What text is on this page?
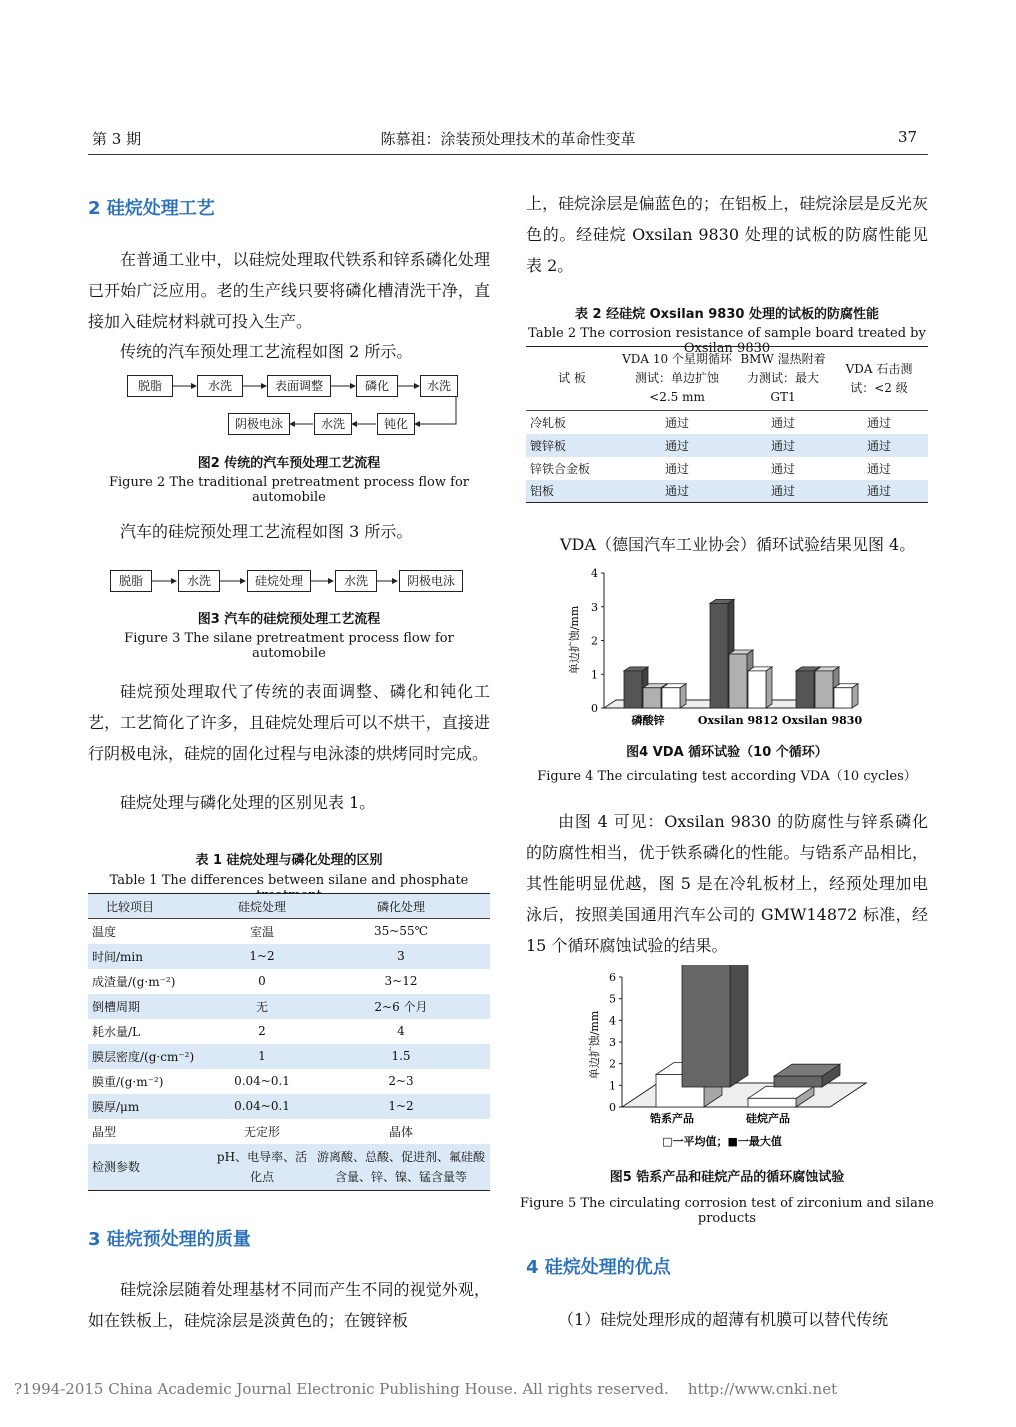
第 3 期	陈慕祖：涂装预处理技术的革命性变革	37
2 硅烷处理工艺
在普通工业中，以硅烷处理取代铁系和锌系磷化处理已开始广泛应用。老的生产线只要将磷化槽清洗干净，直接加入硅烷材料就可投入生产。
传统的汽车预处理工艺流程如图 2 所示。
脱脂	水洗	表面调整	磷化	水洗
阴极电泳	水洗	钝化
图2 传统的汽车预处理工艺流程
Figure 2 The traditional pretreatment process flow for automobile
汽车的硅烷预处理工艺流程如图 3 所示。
脱脂	水洗	硅烷处理	水洗	阴极电泳
图3 汽车的硅烷预处理工艺流程
Figure 3 The silane pretreatment process flow for automobile
硅烷预处理取代了传统的表面调整、磷化和钝化工艺，工艺简化了许多，且硅烷处理后可以不烘干，直接进行阴极电泳，硅烷的固化过程与电泳漆的烘烤同时完成。
硅烷处理与磷化处理的区别见表 1。
表 1 硅烷处理与磷化处理的区别
Table 1 The differences between silane and phosphate treatment
比较项目	硅烷处理	磷化处理
温度	室温	35~55℃
时间/min	1~2	3
成渣量/(g·m⁻²)	0	3~12
倒槽周期	无	2~6 个月
耗水量/L	2	4
膜层密度/(g·cm⁻²)	1	1.5
膜重/(g·m⁻²)	0.04~0.1	2~3
膜厚/μm	0.04~0.1	1~2
晶型	无定形	晶体
检测参数	pH、电导率、活化点	游离酸、总酸、促进剂、氟硅酸含量、锌、镍、锰含量等
3 硅烷预处理的质量
硅烷涂层随着处理基材不同而产生不同的视觉外观，如在铁板上，硅烷涂层是淡黄色的；在镀锌板
上，硅烷涂层是偏蓝色的；在铝板上，硅烷涂层是反光灰色的。经硅烷 Oxsilan 9830 处理的试板的防腐性能见表 2。
表 2 经硅烷 Oxsilan 9830 处理的试板的防腐性能
Table 2 The corrosion resistance of sample board treated by Oxsilan 9830
试 板	VDA 10 个星期循环测试：单边扩蚀 <2.5 mm	BMW 湿热附着力测试：最大 GT1	VDA 石击测试：<2 级
冷轧板	通过	通过	通过
镀锌板	通过	通过	通过
锌铁合金板	通过	通过	通过
铝板	通过	通过	通过
VDA（德国汽车工业协会）循环试验结果见图 4。
0
1
2
3
4
单边扩蚀/mm
磷酸锌	Oxsilan 9812 Oxsilan 9830
图4 VDA 循环试验（10 个循环）
Figure 4 The circulating test according VDA（10 cycles）
由图 4 可见：Oxsilan 9830 的防腐性与锌系磷化的防腐性相当，优于铁系磷化的性能。与锆系产品相比，其性能明显优越，图 5 是在冷轧板材上，经预处理加电泳后，按照美国通用汽车公司的 GMW14872 标准，经 15 个循环腐蚀试验的结果。
0
1
2
3
4
5
6
单边扩蚀/mm
锆系产品	硅烷产品
□一平均值；■一最大值
图5 锆系产品和硅烷产品的循环腐蚀试验
Figure 5 The circulating corrosion test of zirconium and silane products
4 硅烷处理的优点
（1）硅烷处理形成的超薄有机膜可以替代传统
?1994-2015 China Academic Journal Electronic Publishing House. All rights reserved.    http://www.cnki.net
